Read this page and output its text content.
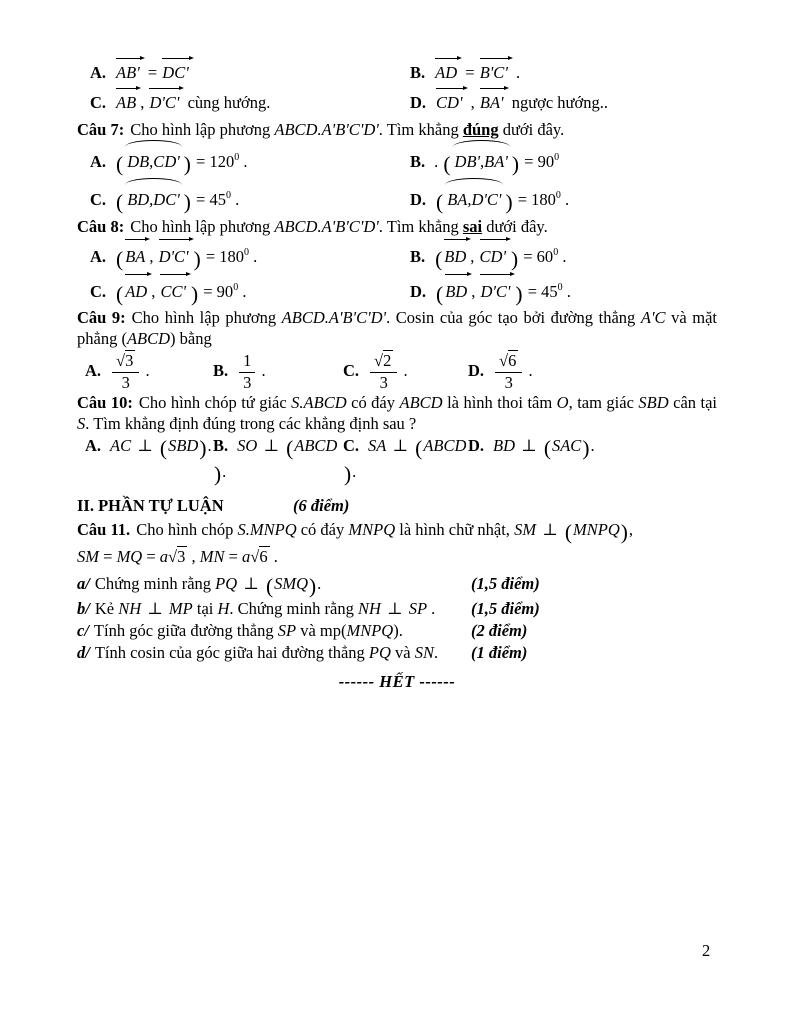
A. AB' = DC'	B. AD = B'C' .
C. AB , D'C' cùng hướng.	D. CD' , BA' ngược hướng..
Câu 7: Cho hình lập phương ABCD.A'B'C'D'. Tìm khẳng đúng dưới đây.
A. ( DB,CD' ) = $120^0$ .	B. . ( DB',BA' ) = $90^0$
C. ( BD,DC' ) = $45^0$ .	D. ( BA,D'C' ) = $180^0$ .
Câu 8: Cho hình lập phương ABCD.A'B'C'D'. Tìm khẳng sai dưới đây.
A. ( BA , D'C' ) = $180^0$ .	B. ( BD , CD' ) = $60^0$ .
C. ( AD , CC' ) = $90^0$ .	D. ( BD , D'C' ) = $45^0$ .
Câu 9: Cho hình lập phương ABCD.A'B'C'D'. Cosin của góc tạo bởi đường thẳng A'C và mặt phẳng (ABCD) bằng
A. $\frac{√3}{3}$ .	B. $\frac{1}{3}$ .	C. $\frac{√2}{3}$ .	D. $\frac{√6}{3}$ .
Câu 10: Cho hình chóp tứ giác S.ABCD có đáy ABCD là hình thoi tâm O, tam giác SBD cân tại S. Tìm khẳng định đúng trong các khẳng định sau ?
A. AC ⊥ (SBD). B. SO ⊥ (ABCD).
C. SA ⊥ (ABCD).
D. BD ⊥ (SAC).
II. PHẦN TỰ LUẬN	(6 điểm)
Câu 11. Cho hình chóp S.MNPQ có đáy MNPQ là hình chữ nhật, SM ⊥ (MNPQ),
SM = MQ = a√3 , MN = a√6 .
a/ Chứng minh rằng PQ ⊥ (SMQ).	(1,5 điểm)
b/ Kẻ NH ⊥ MP tại H. Chứng minh rằng NH ⊥ SP . (1,5 điểm)
c/ Tính góc giữa đường thẳng SP và mp(MNPQ).	(2 điểm)
d/ Tính cosin của góc giữa hai đường thẳng PQ và SN. (1 điểm)
------ HẾT ------
2
